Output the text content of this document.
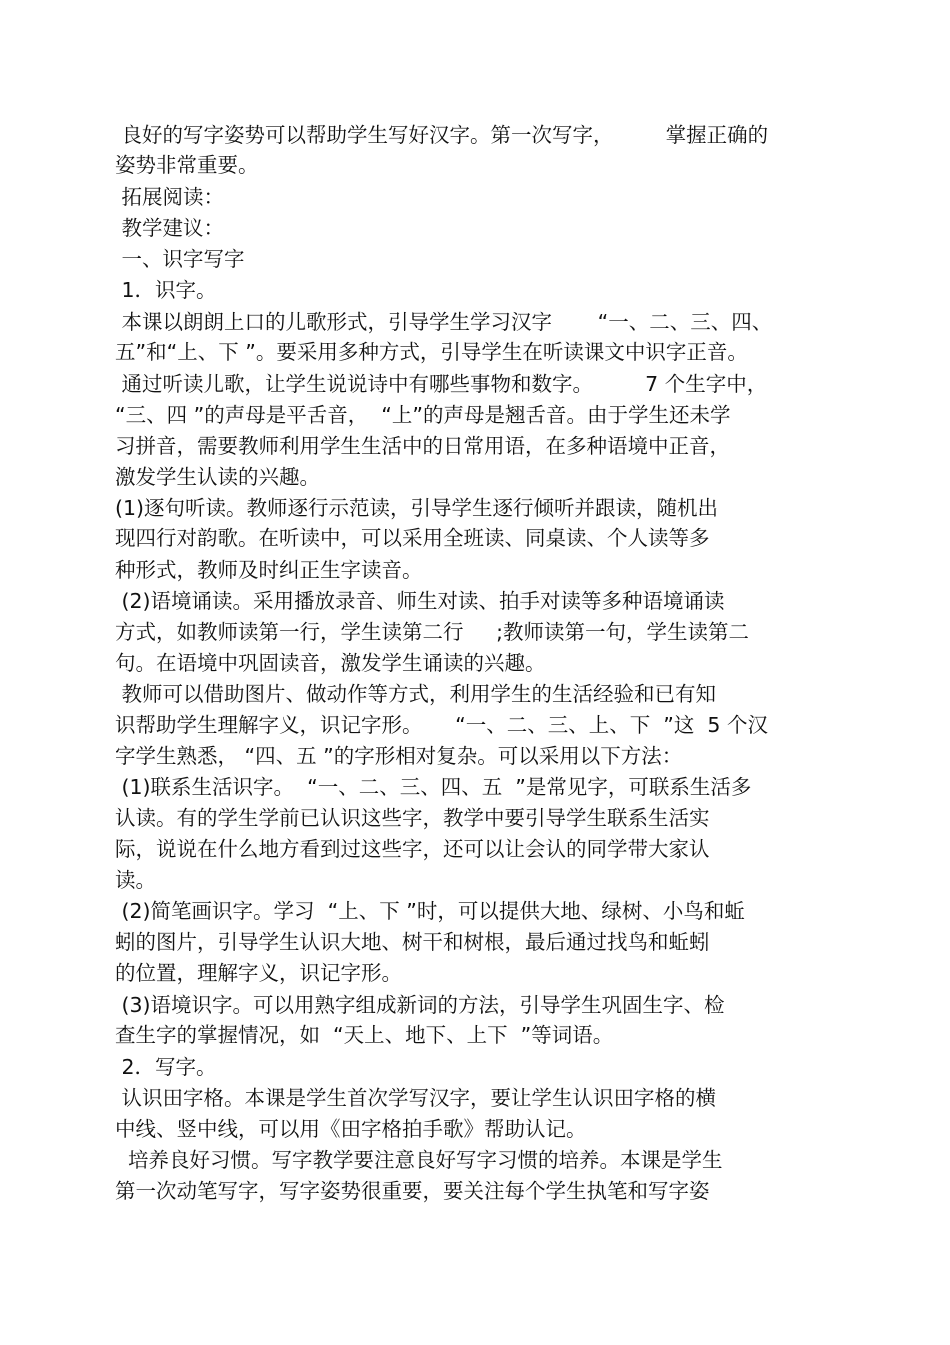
良好的写字姿势可以帮助学生写好汉字。第一次写字，        掌握正确的
姿势非常重要。
拓展阅读：
教学建议：
一、识字写字
1．识字。
本课以朗朗上口的儿歌形式，引导学生学习汉字       “一、二、三、四、
五”和“上、下 ”。要采用多种方式，引导学生在听读课文中识字正音。
通过听读儿歌，让学生说说诗中有哪些事物和数字。        7 个生字中，
“三、四 ”的声母是平舌音，  “上”的声母是翘舌音。由于学生还未学
习拼音，需要教师利用学生生活中的日常用语，在多种语境中正音，
激发学生认读的兴趣。
(1)逐句听读。教师逐行示范读，引导学生逐行倾听并跟读，随机出
现四行对韵歌。在听读中，可以采用全班读、同桌读、个人读等多
种形式，教师及时纠正生字读音。
(2)语境诵读。采用播放录音、师生对读、拍手对读等多种语境诵读
方式，如教师读第一行，学生读第二行     ;教师读第一句，学生读第二
句。在语境中巩固读音，激发学生诵读的兴趣。
教师可以借助图片、做动作等方式，利用学生的生活经验和已有知
识帮助学生理解字义，识记字形。     “一、二、三、上、下  ”这  5 个汉
字学生熟悉， “四、五 ”的字形相对复杂。可以采用以下方法：
(1)联系生活识字。  “一、二、三、四、五  ”是常见字，可联系生活多
认读。有的学生学前已认识这些字，教学中要引导学生联系生活实
际，说说在什么地方看到过这些字，还可以让会认的同学带大家认
读。
(2)简笔画识字。学习  “上、下 ”时，可以提供大地、绿树、小鸟和蚯
蚓的图片，引导学生认识大地、树干和树根，最后通过找鸟和蚯蚓
的位置，理解字义，识记字形。
(3)语境识字。可以用熟字组成新词的方法，引导学生巩固生字、检
查生字的掌握情况，如  “天上、地下、上下  ”等词语。
2．写字。
认识田字格。本课是学生首次学写汉字，要让学生认识田字格的横
中线、竖中线，可以用《田字格拍手歌》帮助认记。
培养良好习惯。写字教学要注意良好写字习惯的培养。本课是学生
第一次动笔写字，写字姿势很重要，要关注每个学生执笔和写字姿
